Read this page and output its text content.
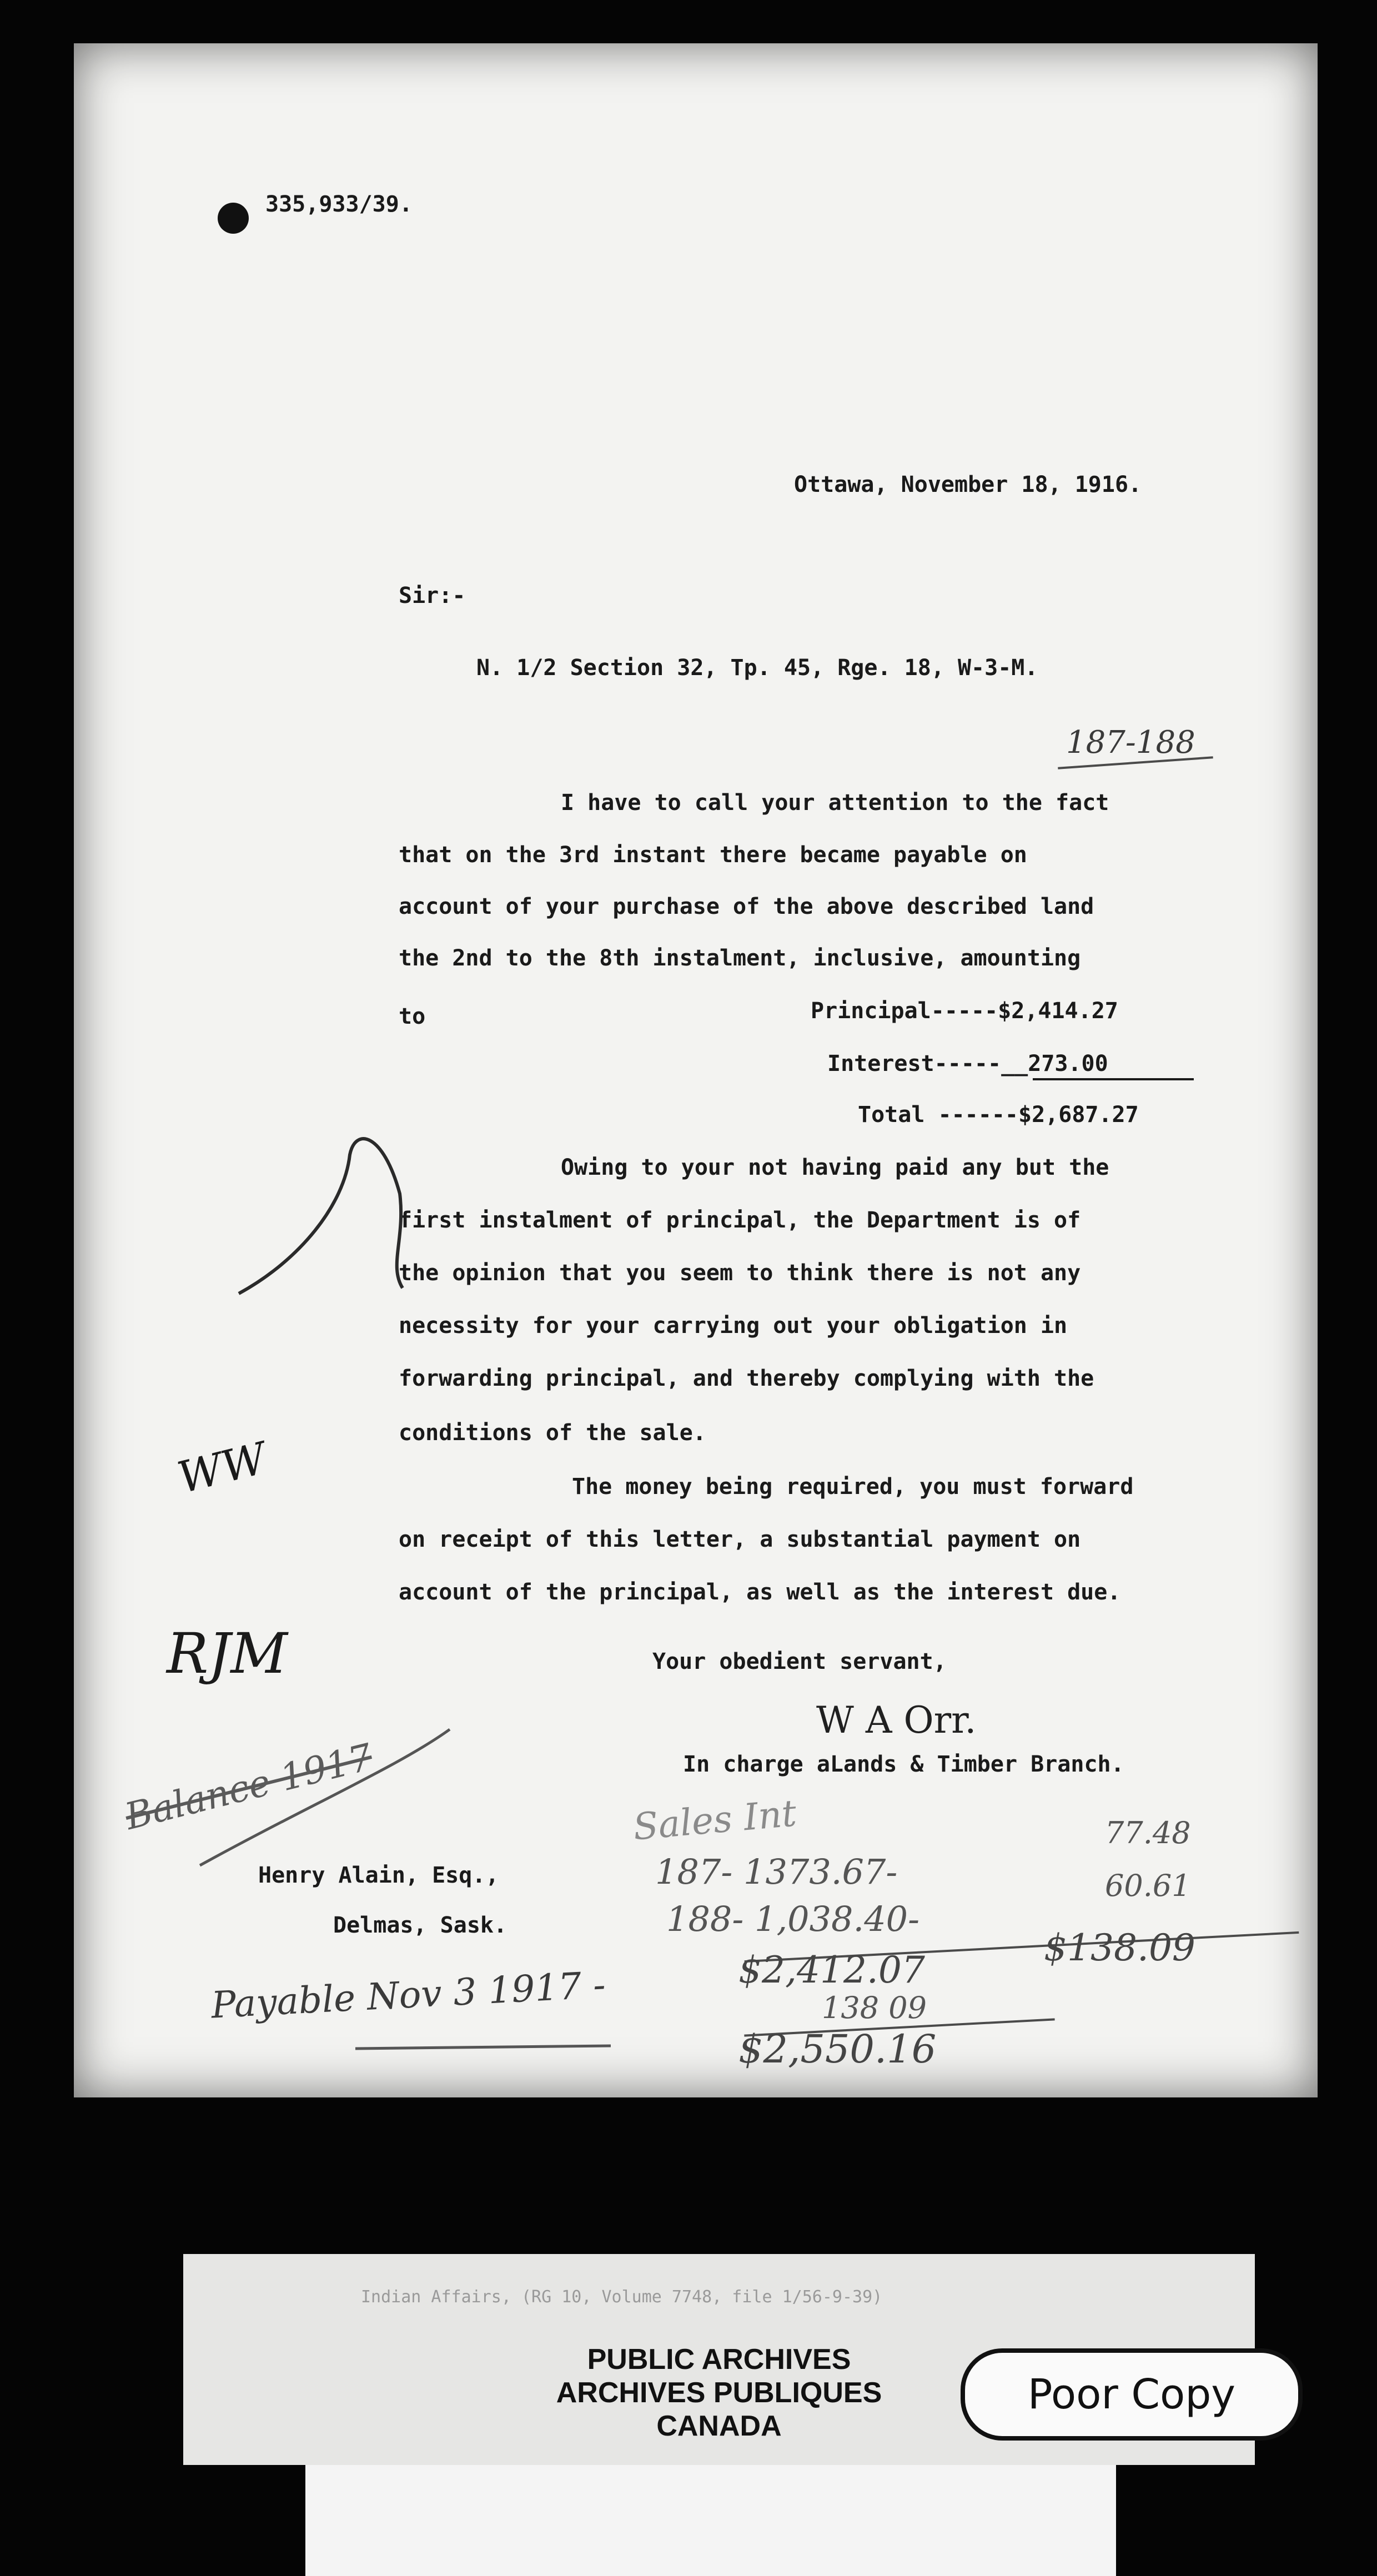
335,933/39.
Ottawa, November 18, 1916.
Sir:-
N. 1/2 Section 32, Tp. 45, Rge. 18, W-3-M.
187-188
I have to call your attention to the fact
that on the 3rd instant there became payable on
account of your purchase of the above described land
the 2nd to the 8th instalment, inclusive, amounting
to	Principal-----$2,414.27
Interest-----__273.00
Total ------$2,687.27
Owing to your not having paid any but the
first instalment of principal, the Department is of
the opinion that you seem to think there is not any
necessity for your carrying out your obligation in
forwarding principal, and thereby complying with the
conditions of the sale.
The money being required, you must forward
on receipt of this letter, a substantial payment on
account of the principal, as well as the interest due.
Your obedient servant,
W A Orr.
In charge aLands & Timber Branch.
Henry Alain, Esq.,
Delmas, Sask.
WW
RJM
Balance 1917
Payable Nov 3 1917 -
Sales Int
187- 1373.67-
188- 1,038.40-
77.48
60.61
$2,412.07
$138.09
138 09
$2,550.16
Indian Affairs, (RG 10, Volume 7748, file 1/56-9-39)
PUBLIC ARCHIVES
ARCHIVES PUBLIQUES
CANADA
Poor Copy
